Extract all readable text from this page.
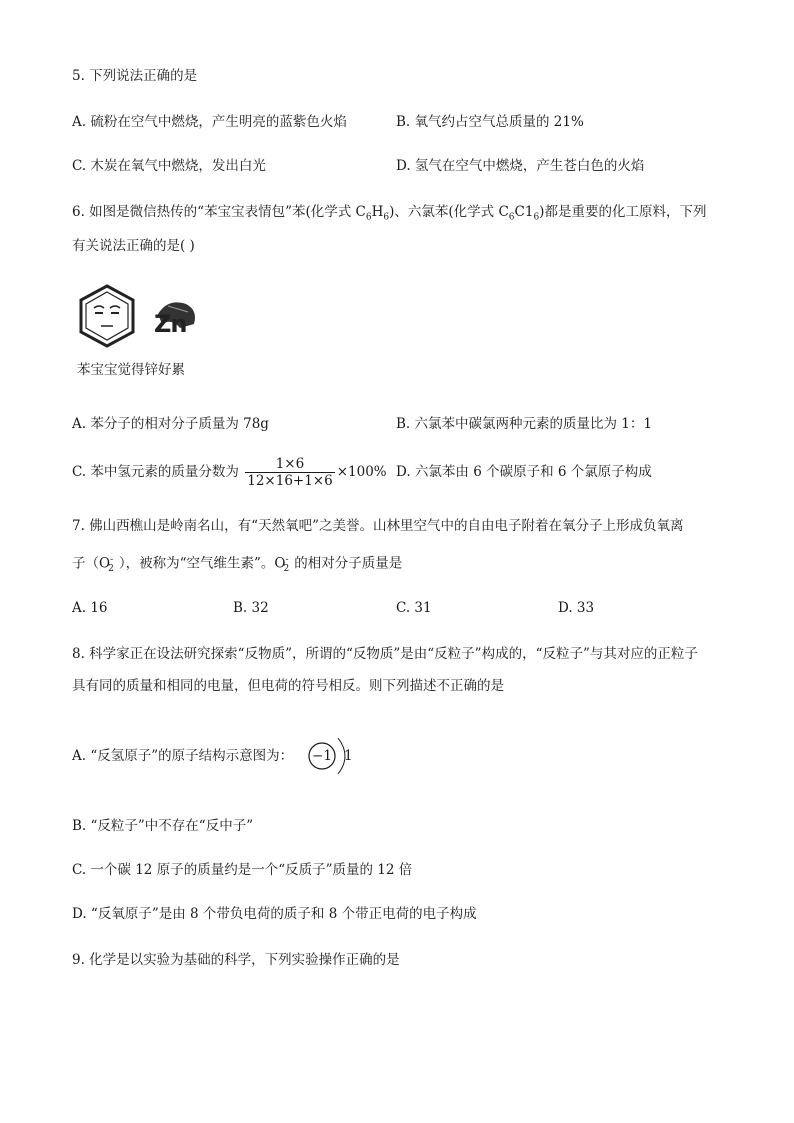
5. 下列说法正确的是
A. 硫粉在空气中燃烧，产生明亮的蓝紫色火焰	B. 氧气约占空气总质量的 21%
C. 木炭在氧气中燃烧，发出白光	D. 氢气在空气中燃烧，产生苍白色的火焰
6. 如图是微信热传的“苯宝宝表情包”苯(化学式 $C_6H_6$)、六氯苯(化学式 $C_6C1_6$)都是重要的化工原料，下列
有关说法正确的是( )
Zn
苯宝宝觉得锌好累
A. 苯分子的相对分子质量为 78g	B. 六氯苯中碳氯两种元素的质量比为 1：1
C. 苯中氢元素的质量分数为 $\frac{1\times 6}{12\times 16+1\times 6} \times 100\%$ D. 六氯苯由 6 个碳原子和 6 个氯原子构成
7. 佛山西樵山是岭南名山，有“天然氧吧”之美誉。山林里空气中的自由电子附着在氧分子上形成负氧离
子（$O^-_2$ ），被称为“空气维生素”。$O^-_2$ 的相对分子质量是
A. 16	B. 32	C. 31	D. 33
8. 科学家正在设法研究探索“反物质”，所谓的“反物质”是由“反粒子”构成的，“反粒子”与其对应的正粒子
具有同的质量和相同的电量，但电荷的符号相反。则下列描述不正确的是
A. “反氢原子”的原子结构示意图为： −1 1
B. “反粒子”中不存在“反中子”
C. 一个碳 12 原子的质量约是一个“反质子”质量的 12 倍
D. “反氧原子”是由 8 个带负电荷的质子和 8 个带正电荷的电子构成
9. 化学是以实验为基础的科学，下列实验操作正确的是
